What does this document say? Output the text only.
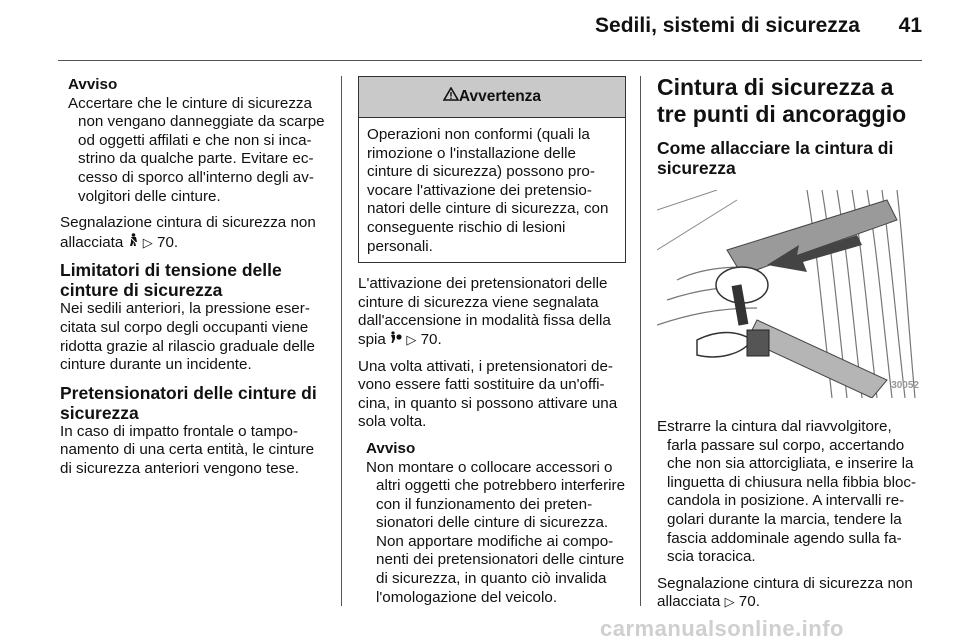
Sedili, sistemi di sicurezza 41
Avviso
Accertare che le cinture di sicurezza non vengano danneggiate da scarpe od oggetti affilati e che non si incastrino da qualche parte. Evitare eccesso di sporco all'interno degli avvolgitori delle cinture.

Segnalazione cintura di sicurezza non allacciata ▷ 70.

Limitatori di tensione delle cinture di sicurezza

Nei sedili anteriori, la pressione esercitata sul corpo degli occupanti viene ridotta grazie al rilascio graduale delle cinture durante un incidente.

Pretensionatori delle cinture di sicurezza

In caso di impatto frontale o tamponamento di una certa entità, le cinture di sicurezza anteriori vengono tese.

Avvertenza
Operazioni non conformi (quali la rimozione o l'installazione delle cinture di sicurezza) possono provocare l'attivazione dei pretensionatori delle cinture di sicurezza, con conseguente rischio di lesioni personali.

L'attivazione dei pretensionatori delle cinture di sicurezza viene segnalata dall'accensione in modalità fissa della spia ▷ 70.

Una volta attivati, i pretensionatori devono essere fatti sostituire da un'officina, in quanto si possono attivare una sola volta.

Avviso
Non montare o collocare accessori o altri oggetti che potrebbero interferire con il funzionamento dei pretensionatori delle cinture di sicurezza. Non apportare modifiche ai componenti dei pretensionatori delle cinture di sicurezza, in quanto ciò invalida l'omologazione del veicolo.
Cintura di sicurezza a tre punti di ancoraggio
Come allacciare la cintura di sicurezza
30052

Estrarre la cintura dal riavvolgitore, farla passare sul corpo, accertando che non sia attorcigliata, e inserire la linguetta di chiusura nella fibbia bloccandola in posizione. A intervalli regolari durante la marcia, tendere la fascia addominale agendo sulla fascia toracica.

Segnalazione cintura di sicurezza non allacciata ▷ 70.

carmanualsonline.info
